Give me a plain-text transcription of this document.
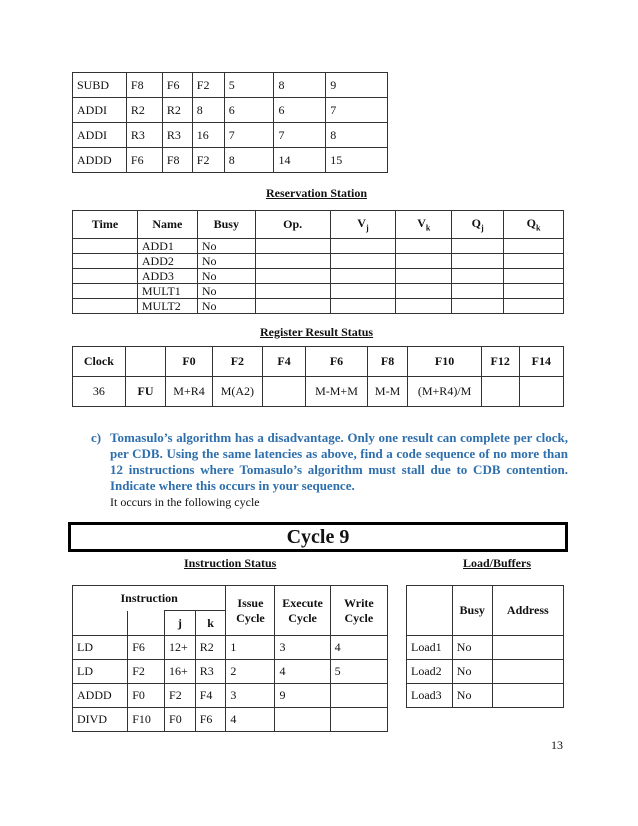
SUBD	F8	F6	F2	5	8	9
ADDI	R2	R2	8	6	6	7
ADDI	R3	R3	16	7	7	8
ADDD	F6	F8	F2	8	14	15
Reservation Station
Time	Name	Busy	Op.	$V_j$	$V_k$	$Q_j$	$Q_k$
	ADD1	No					
	ADD2	No					
	ADD3	No					
	MULT1	No					
	MULT2	No					
Register Result Status
Clock		F0	F2	F4	F6	F8	F10	F12	F14
36	FU	M+R4	M(A2)		M-M+M	M-M	(M+R4)/M		
c) Tomasulo’s algorithm has a disadvantage. Only one result can complete per clock, per CDB. Using the same latencies as above, find a code sequence of no more than 12 instructions where Tomasulo’s algorithm must stall due to CDB contention. Indicate where this occurs in your sequence.
It occurs in the following cycle
Cycle 9
Instruction Status	Load/Buffers
Instruction				Issue Cycle	Execute Cycle	Write Cycle
		j	k			
LD	F6	12+	R2	1	3	4
LD	F2	16+	R3	2	4	5
ADDD	F0	F2	F4	3	9	
DIVD	F10	F0	F6	4		
	Busy	Address
Load1	No	
Load2	No	
Load3	No	
13
